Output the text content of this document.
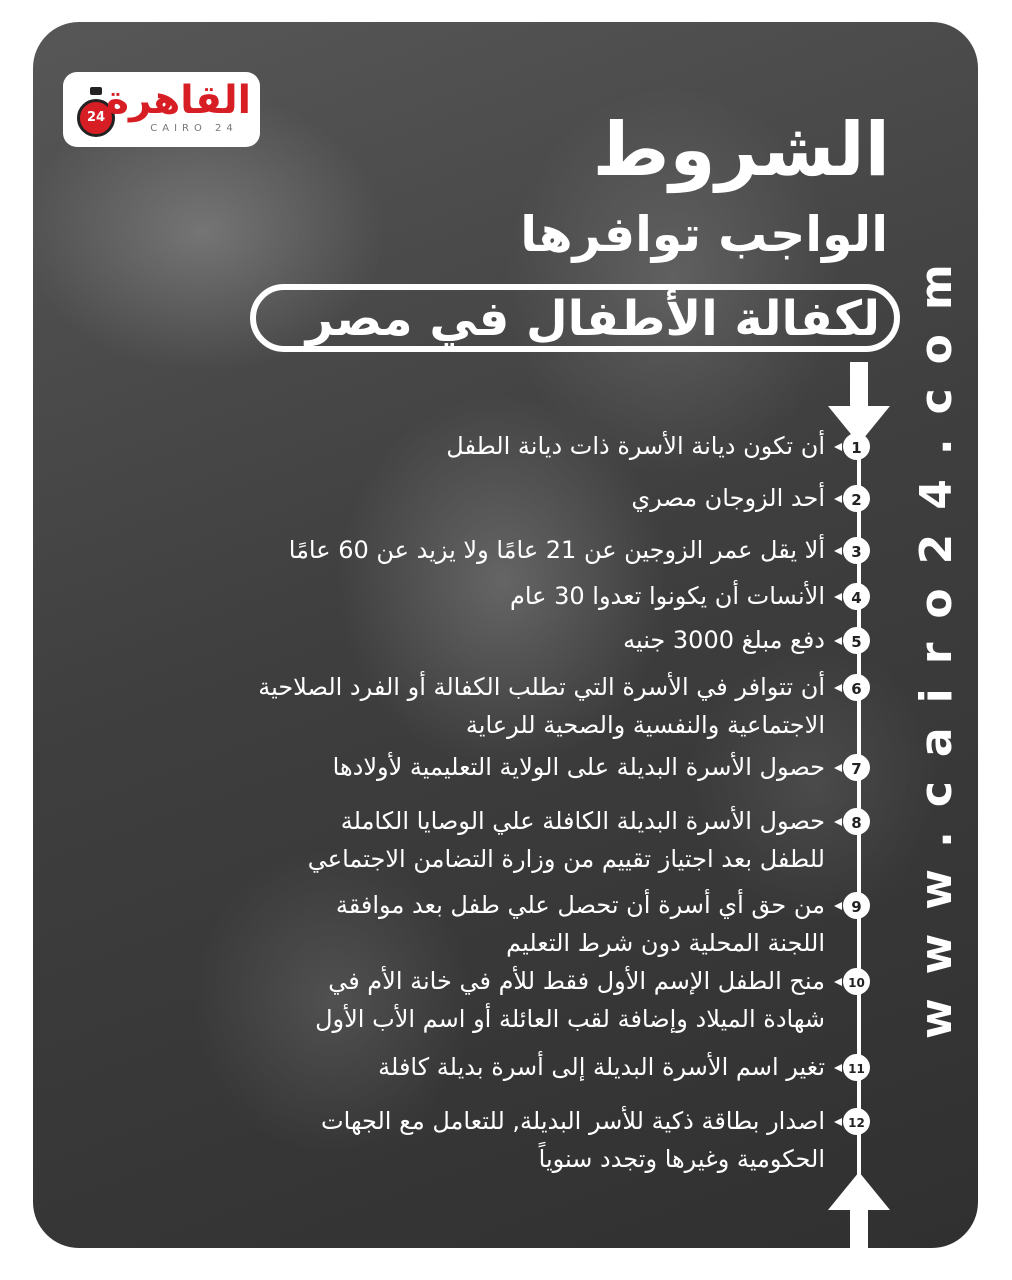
24 القاهرة
CAIRO 24	الشروط
الواجب توافرها
لكفالة الأطفال في مصر www.cairo24.com
1
أن تكون ديانة الأسرة ذات ديانة الطفل
2
أحد الزوجان مصري
3
ألا يقل عمر الزوجين عن 21 عامًا ولا يزيد عن 60 عامًا
4
الأنسات أن يكونوا تعدوا 30 عام
5
دفع مبلغ 3000 جنيه
6
أن تتوافر في الأسرة التي تطلب الكفالة أو الفرد الصلاحية
الاجتماعية والنفسية والصحية للرعاية
7
حصول الأسرة البديلة على الولاية التعليمية لأولادها
8
حصول الأسرة البديلة الكافلة علي الوصايا الكاملة
للطفل بعد اجتياز تقييم من وزارة التضامن الاجتماعي
9
من حق أي أسرة أن تحصل علي طفل بعد موافقة
اللجنة المحلية دون شرط التعليم
10
منح الطفل الإسم الأول فقط للأم في خانة الأم في
شهادة الميلاد وإضافة لقب العائلة أو اسم الأب الأول
11
تغير اسم الأسرة البديلة إلى أسرة بديلة كافلة
12
اصدار بطاقة ذكية للأسر البديلة, للتعامل مع الجهات
الحكومية وغيرها وتجدد سنوياً
